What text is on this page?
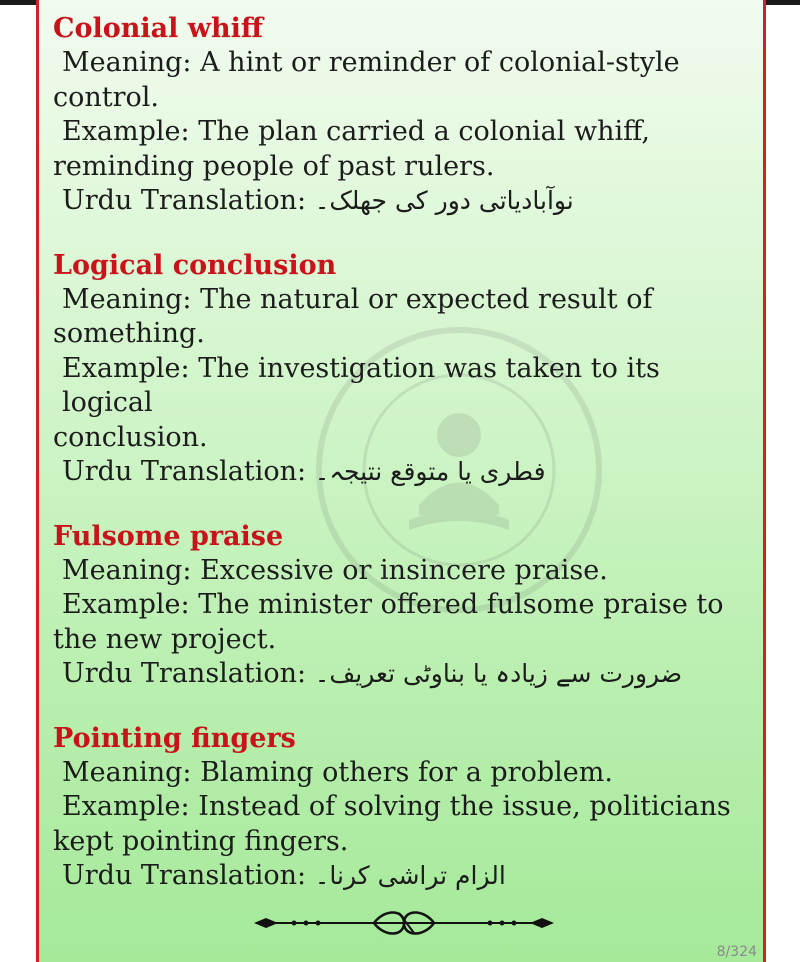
Colonial whiff
Meaning: A hint or reminder of colonial-style
control.
Example: The plan carried a colonial whiff,
reminding people of past rulers.
Urdu Translation: نوآبادیاتی دور کی جھلک۔
Logical conclusion
Meaning: The natural or expected result of
something.
Example: The investigation was taken to its logical
conclusion.
Urdu Translation: فطری یا متوقع نتیجہ۔
Fulsome praise
Meaning: Excessive or insincere praise.
Example: The minister offered fulsome praise to
the new project.
Urdu Translation: ضرورت سے زیادہ یا بناوٹی تعریف۔
Pointing fingers
Meaning: Blaming others for a problem.
Example: Instead of solving the issue, politicians
kept pointing fingers.
Urdu Translation: الزام تراشی کرنا۔
8/324
